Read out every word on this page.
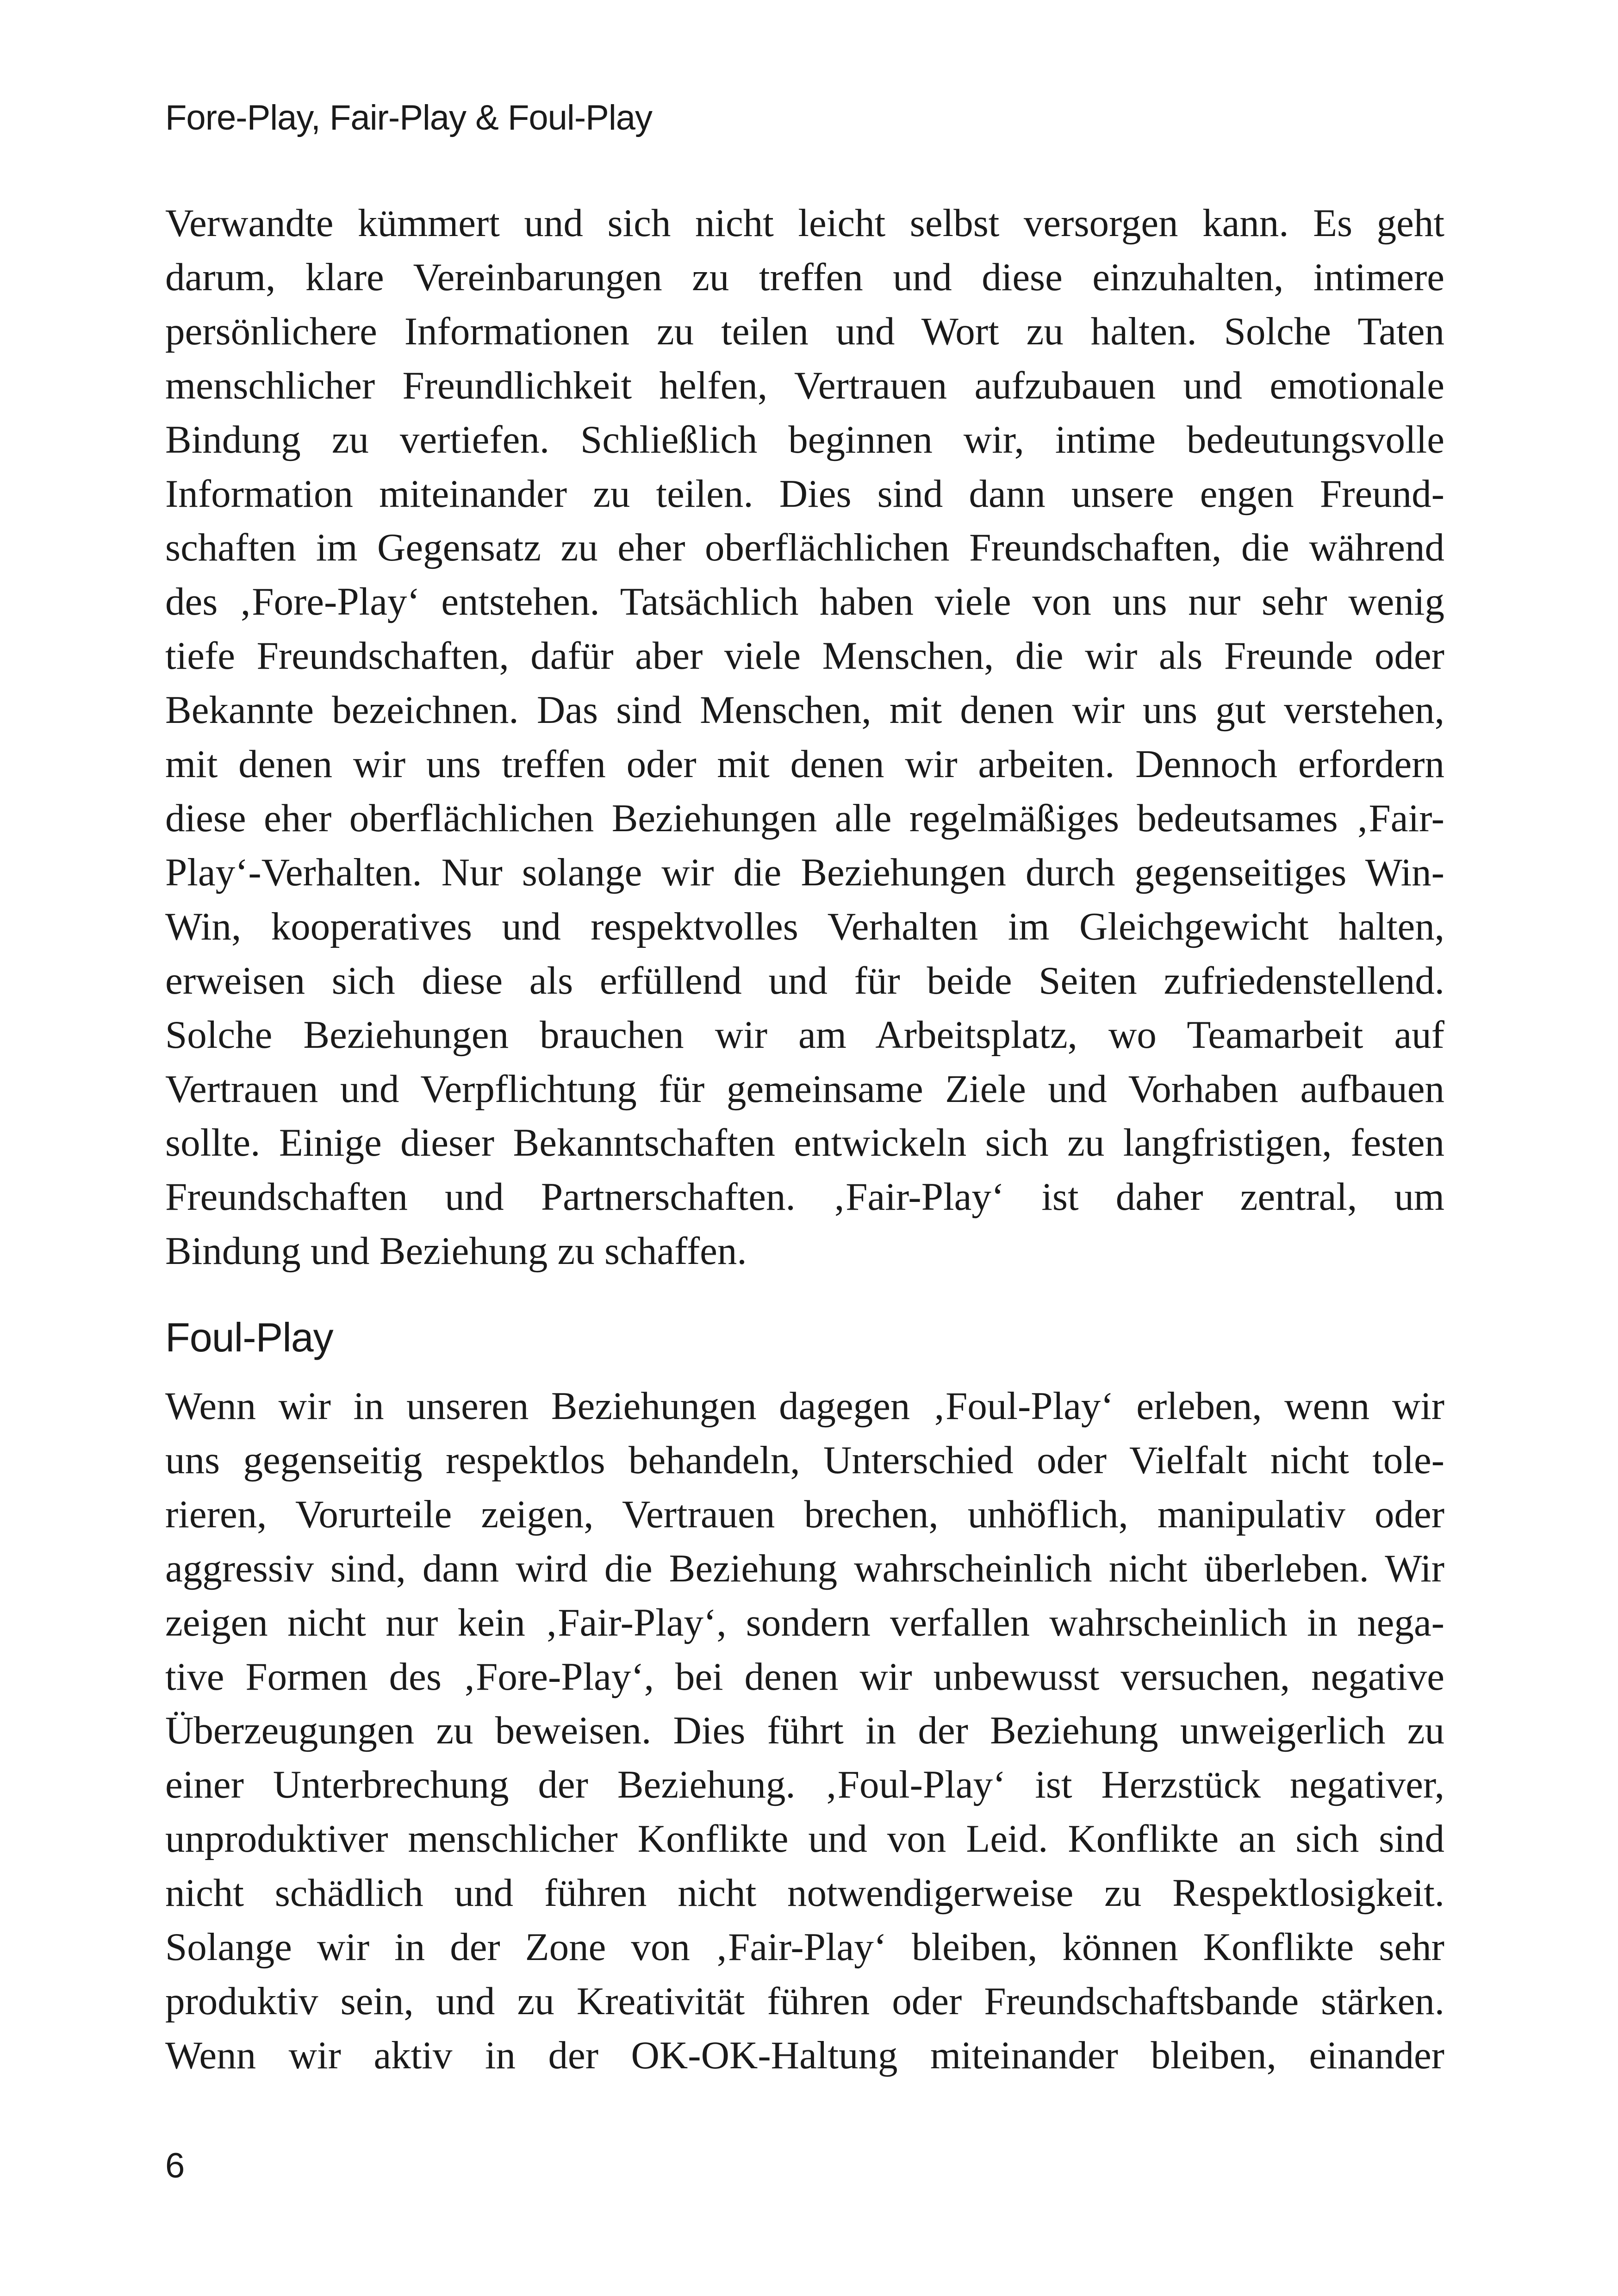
Fore-Play, Fair-Play & Foul-Play
Verwandte kümmert und sich nicht leicht selbst versorgen kann. Es geht
darum, klare Vereinbarungen zu treffen und diese einzuhalten, intimere
persönlichere Informationen zu teilen und Wort zu halten. Solche Taten
menschlicher Freundlichkeit helfen, Vertrauen aufzubauen und emotionale
Bindung zu vertiefen. Schließlich beginnen wir, intime bedeutungsvolle
Information miteinander zu teilen. Dies sind dann unsere engen Freund-
schaften im Gegensatz zu eher oberflächlichen Freundschaften, die während
des ‚Fore-Play‘ entstehen. Tatsächlich haben viele von uns nur sehr wenig
tiefe Freundschaften, dafür aber viele Menschen, die wir als Freunde oder
Bekannte bezeichnen. Das sind Menschen, mit denen wir uns gut verstehen,
mit denen wir uns treffen oder mit denen wir arbeiten. Dennoch erfordern
diese eher oberflächlichen Beziehungen alle regelmäßiges bedeutsames ‚Fair-
Play‘-Verhalten. Nur solange wir die Beziehungen durch gegenseitiges Win-
Win, kooperatives und respektvolles Verhalten im Gleichgewicht halten,
erweisen sich diese als erfüllend und für beide Seiten zufriedenstellend.
Solche Beziehungen brauchen wir am Arbeitsplatz, wo Teamarbeit auf
Vertrauen und Verpflichtung für gemeinsame Ziele und Vorhaben aufbauen
sollte. Einige dieser Bekanntschaften entwickeln sich zu langfristigen, festen
Freundschaften und Partnerschaften. ‚Fair-Play‘ ist daher zentral, um
Bindung und Beziehung zu schaffen.
Foul-Play
Wenn wir in unseren Beziehungen dagegen ‚Foul-Play‘ erleben, wenn wir
uns gegenseitig respektlos behandeln, Unterschied oder Vielfalt nicht tole-
rieren, Vorurteile zeigen, Vertrauen brechen, unhöflich, manipulativ oder
aggressiv sind, dann wird die Beziehung wahrscheinlich nicht überleben. Wir
zeigen nicht nur kein ‚Fair-Play‘, sondern verfallen wahrscheinlich in nega-
tive Formen des ‚Fore-Play‘, bei denen wir unbewusst versuchen, negative
Überzeugungen zu beweisen. Dies führt in der Beziehung unweigerlich zu
einer Unterbrechung der Beziehung. ‚Foul-Play‘ ist Herzstück negativer,
unproduktiver menschlicher Konflikte und von Leid. Konflikte an sich sind
nicht schädlich und führen nicht notwendigerweise zu Respektlosigkeit.
Solange wir in der Zone von ‚Fair-Play‘ bleiben, können Konflikte sehr
produktiv sein, und zu Kreativität führen oder Freundschaftsbande stärken.
Wenn wir aktiv in der OK-OK-Haltung miteinander bleiben, einander
6
